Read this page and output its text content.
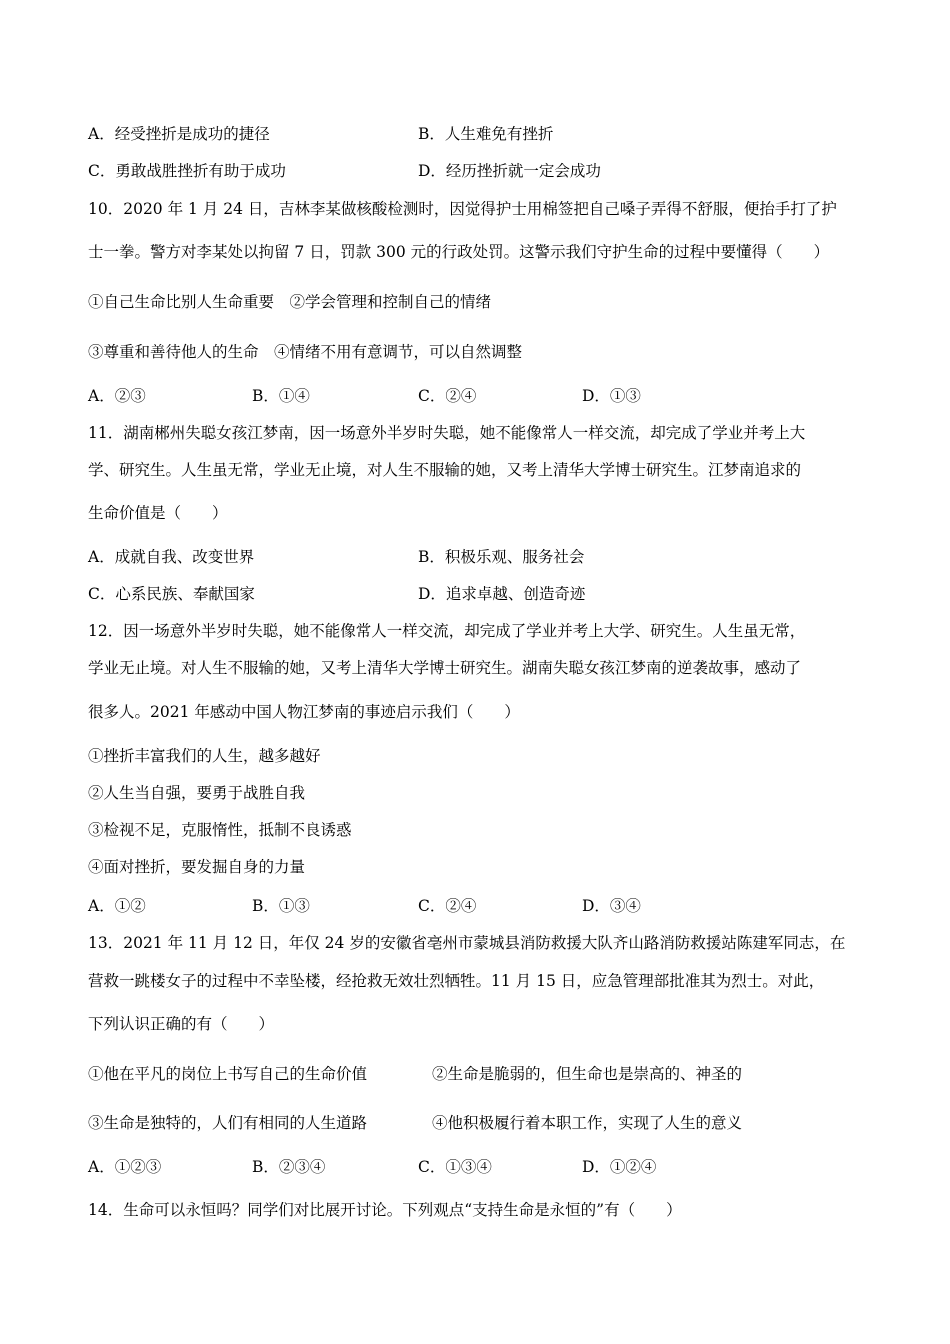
A．经受挫折是成功的捷径	B．人生难免有挫折
C．勇敢战胜挫折有助于成功	D．经历挫折就一定会成功
10．2020 年 1 月 24 日，吉林李某做核酸检测时，因觉得护士用棉签把自己嗓子弄得不舒服，便抬手打了护
士一拳。警方对李某处以拘留 7 日，罚款 300 元的行政处罚。这警示我们守护生命的过程中要懂得（　　）
①自己生命比别人生命重要　②学会管理和控制自己的情绪
③尊重和善待他人的生命　④情绪不用有意调节，可以自然调整
A．②③	B．①④	C．②④	D．①③
11．湖南郴州失聪女孩江梦南，因一场意外半岁时失聪，她不能像常人一样交流，却完成了学业并考上大
学、研究生。人生虽无常，学业无止境，对人生不服输的她，又考上清华大学博士研究生。江梦南追求的
生命价值是（　　）
A．成就自我、改变世界	B．积极乐观、服务社会
C．心系民族、奉献国家	D．追求卓越、创造奇迹
12．因一场意外半岁时失聪，她不能像常人一样交流，却完成了学业并考上大学、研究生。人生虽无常，
学业无止境。对人生不服输的她，又考上清华大学博士研究生。湖南失聪女孩江梦南的逆袭故事，感动了
很多人。2021 年感动中国人物江梦南的事迹启示我们（　　）
①挫折丰富我们的人生，越多越好
②人生当自强，要勇于战胜自我
③检视不足，克服惰性，抵制不良诱惑
④面对挫折，要发掘自身的力量
A．①②	B．①③	C．②④	D．③④
13．2021 年 11 月 12 日，年仅 24 岁的安徽省亳州市蒙城县消防救援大队齐山路消防救援站陈建军同志，在
营救一跳楼女子的过程中不幸坠楼，经抢救无效壮烈牺牲。11 月 15 日，应急管理部批准其为烈士。对此，
下列认识正确的有（　　）
①他在平凡的岗位上书写自己的生命价值	②生命是脆弱的，但生命也是崇高的、神圣的
③生命是独特的，人们有相同的人生道路	④他积极履行着本职工作，实现了人生的意义
A．①②③	B．②③④	C．①③④	D．①②④
14．生命可以永恒吗？同学们对比展开讨论。下列观点“支持生命是永恒的”有（　　）
